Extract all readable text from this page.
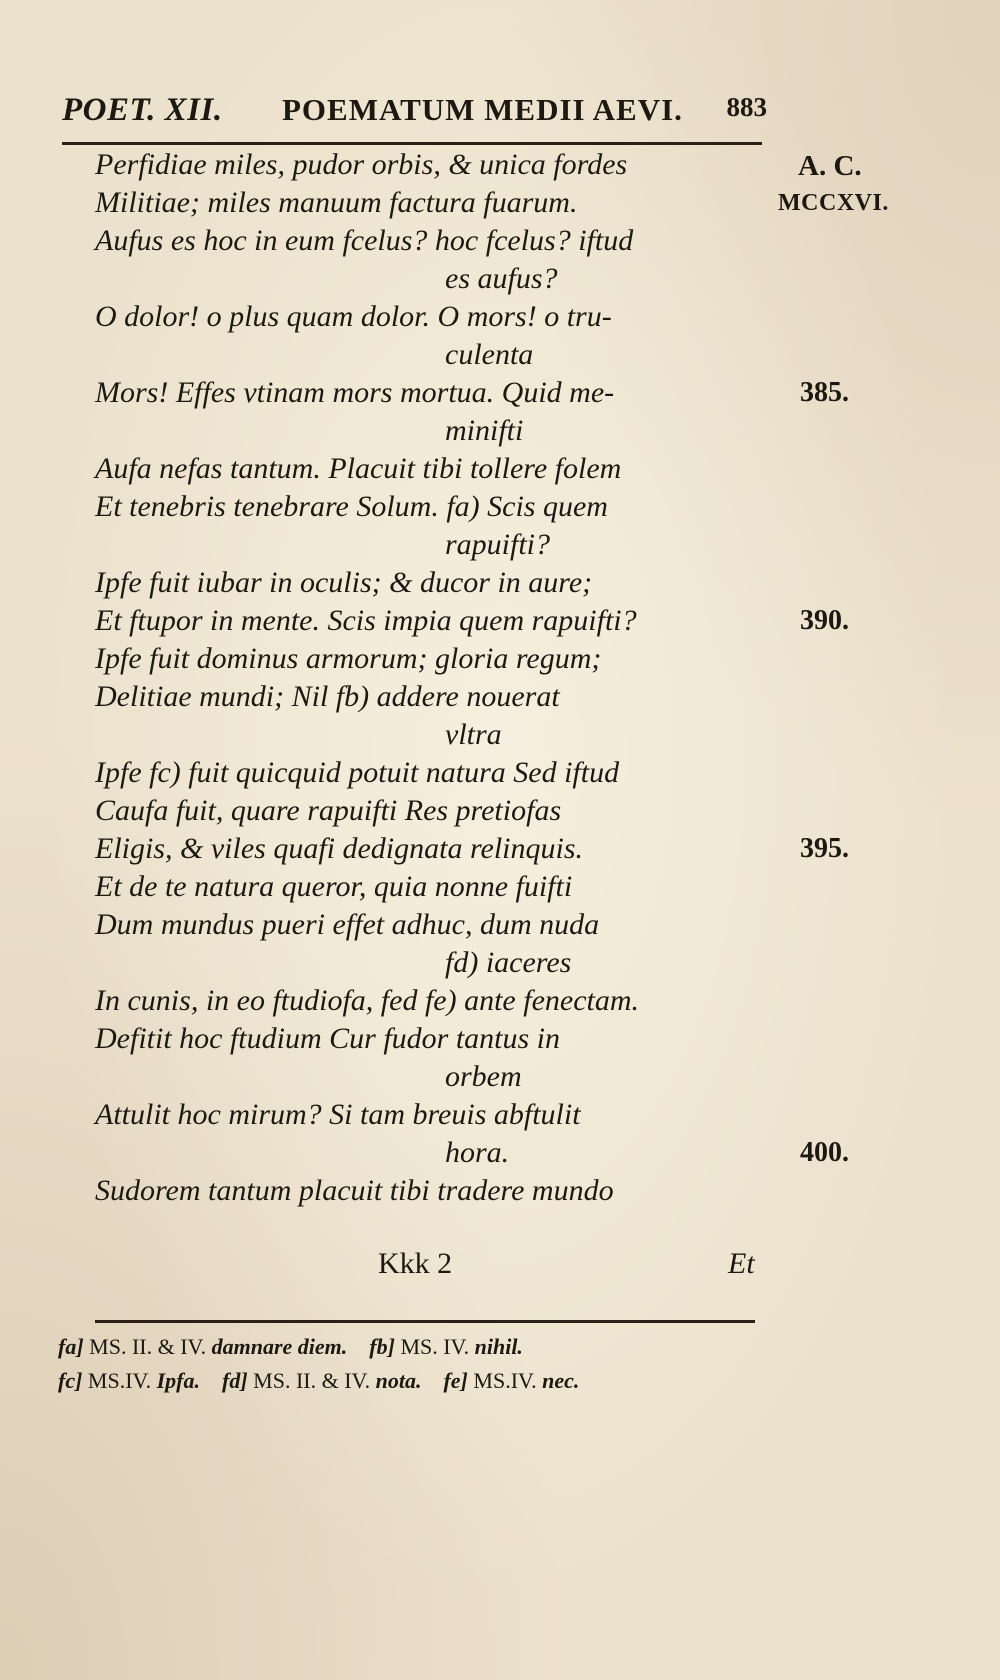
POET. XII. POEMATUM MEDII AEVI. 883
A. C.
MCCXVI.
Perfidiae miles, pudor orbis, & unica fordes
Militiae; miles manuum factura fuarum.
Aufus es hoc in eum fcelus? hoc fcelus? iftud
es aufus?
O dolor! o plus quam dolor. O mors! o tru-
culenta
Mors! Effes vtinam mors mortua. Quid me-	385.
minifti
Aufa nefas tantum. Placuit tibi tollere folem
Et tenebris tenebrare Solum. fa) Scis quem
rapuifti?
Ipfe fuit iubar in oculis; & ducor in aure;
Et ftupor in mente. Scis impia quem rapuifti?	390.
Ipfe fuit dominus armorum; gloria regum;
Delitiae mundi; Nil fb) addere nouerat
vltra
Ipfe fc) fuit quicquid potuit natura Sed iftud
Caufa fuit, quare rapuifti Res pretiofas
Eligis, & viles quafi dedignata relinquis.	395.
Et de te natura queror, quia nonne fuifti
Dum mundus pueri effet adhuc, dum nuda
fd) iaceres
In cunis, in eo ftudiofa, fed fe) ante fenectam.
Defitit hoc ftudium Cur fudor tantus in
orbem
Attulit hoc mirum? Si tam breuis abftulit
hora.	400.
Sudorem tantum placuit tibi tradere mundo
Kkk 2	Et
fa] MS. II. & IV. damnare diem. fb] MS. IV. nihil.
fc] MS.IV. Ipfa. fd] MS. II. & IV. nota. fe] MS.IV. nec.
